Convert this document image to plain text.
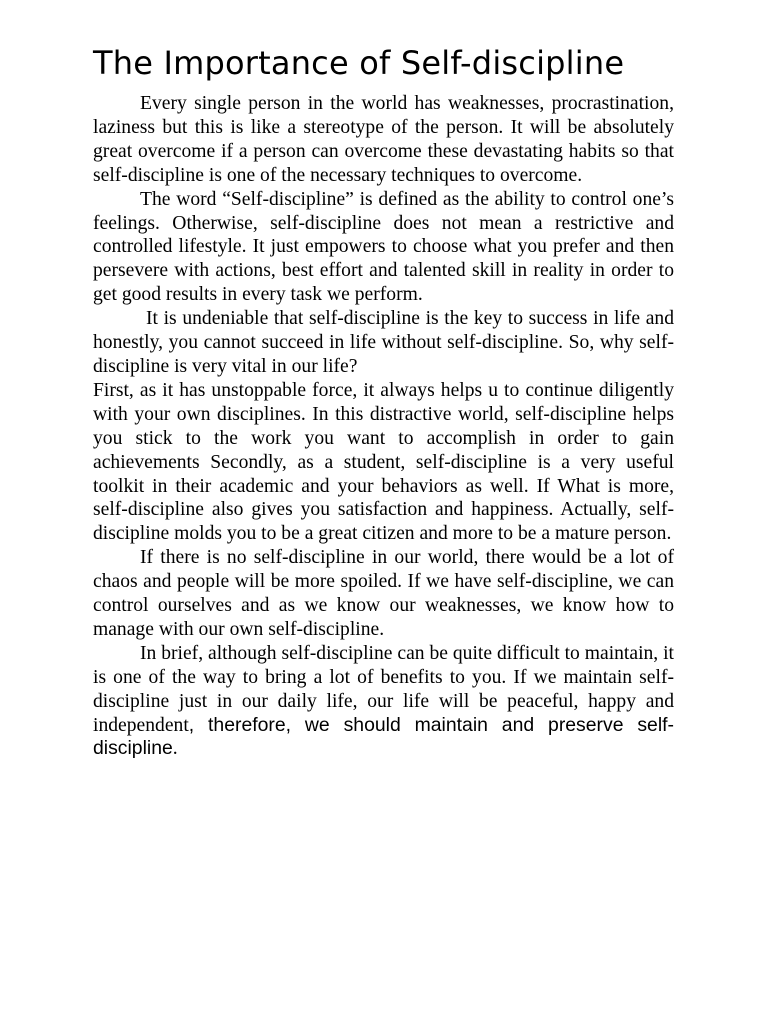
The Importance of Self-discipline

Every single person in the world has weaknesses, procrastination, laziness but this is like a stereotype of the person. It will be absolutely great overcome if a person can overcome these devastating habits so that self-discipline is one of the necessary techniques to overcome.

The word “Self-discipline” is defined as the ability to control one’s feelings. Otherwise, self-discipline does not mean a restrictive and controlled lifestyle. It just empowers to choose what you prefer and then persevere with actions, best effort and talented skill in reality in order to get good results in every task we perform.

It is undeniable that self-discipline is the key to success in life and honestly, you cannot succeed in life without self-discipline. So, why self-discipline is very vital in our life?

First, as it has unstoppable force, it always helps u to continue diligently with your own disciplines. In this distractive world, self-discipline helps you stick to the work you want to accomplish in order to gain achievements Secondly, as a student, self-discipline is a very useful toolkit in their academic and your behaviors as well. If What is more, self-discipline also gives you satisfaction and happiness. Actually, self-discipline molds you to be a great citizen and more to be a mature person.

If there is no self-discipline in our world, there would be a lot of chaos and people will be more spoiled. If we have self-discipline, we can control ourselves and as we know our weaknesses, we know how to manage with our own self-discipline.

In brief, although self-discipline can be quite difficult to maintain, it is one of the way to bring a lot of benefits to you. If we maintain self-discipline just in our daily life, our life will be peaceful, happy and independent, therefore, we should maintain and preserve self-discipline.
